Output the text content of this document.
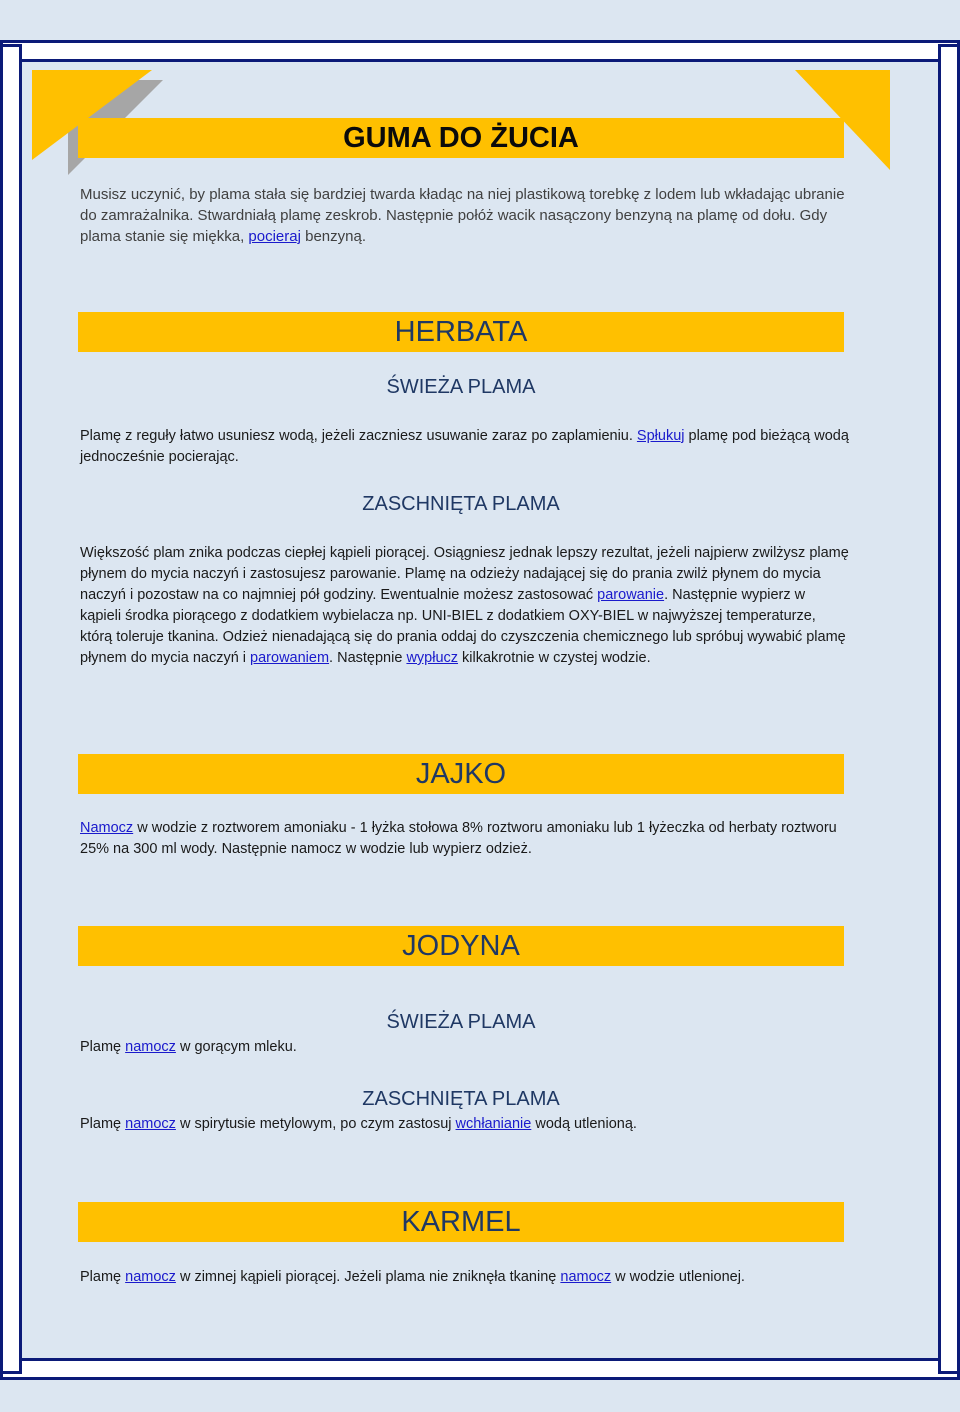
GUMA DO ŻUCIA

Musisz uczynić, by plama stała się bardziej twarda kładąc na niej plastikową torebkę z lodem lub wkładając ubranie do zamrażalnika. Stwardniałą plamę zeskrob. Następnie połóż wacik nasączony benzyną na plamę od dołu. Gdy plama stanie się miękka, pocieraj benzyną.

HERBATA
ŚWIEŻA PLAMA

Plamę z reguły łatwo usuniesz wodą, jeżeli zaczniesz usuwanie zaraz po zaplamieniu. Spłukuj plamę pod bieżącą wodą jednocześnie pocierając.

ZASCHNIĘTA PLAMA

Większość plam znika podczas ciepłej kąpieli piorącej. Osiągniesz jednak lepszy rezultat, jeżeli najpierw zwilżysz plamę płynem do mycia naczyń i zastosujesz parowanie. Plamę na odzieży nadającej się do prania zwilż płynem do mycia naczyń i pozostaw na co najmniej pół godziny. Ewentualnie możesz zastosować parowanie. Następnie wypierz w kąpieli środka piorącego z dodatkiem wybielacza np. UNI-BIEL z dodatkiem OXY-BIEL w najwyższej temperaturze, którą toleruje tkanina. Odzież nienadającą się do prania oddaj do czyszczenia chemicznego lub spróbuj wywabić plamę płynem do mycia naczyń i parowaniem. Następnie wypłucz kilkakrotnie w czystej wodzie.

JAJKO

Namocz w wodzie z roztworem amoniaku - 1 łyżka stołowa 8% roztworu amoniaku lub 1 łyżeczka od herbaty roztworu 25% na 300 ml wody. Następnie namocz w wodzie lub wypierz odzież.

JODYNA
ŚWIEŻA PLAMA

Plamę namocz w gorącym mleku.

ZASCHNIĘTA PLAMA

Plamę namocz w spirytusie metylowym, po czym zastosuj wchłanianie wodą utlenioną.

KARMEL

Plamę namocz w zimnej kąpieli piorącej. Jeżeli plama nie zniknęła tkaninę namocz w wodzie utlenionej.
